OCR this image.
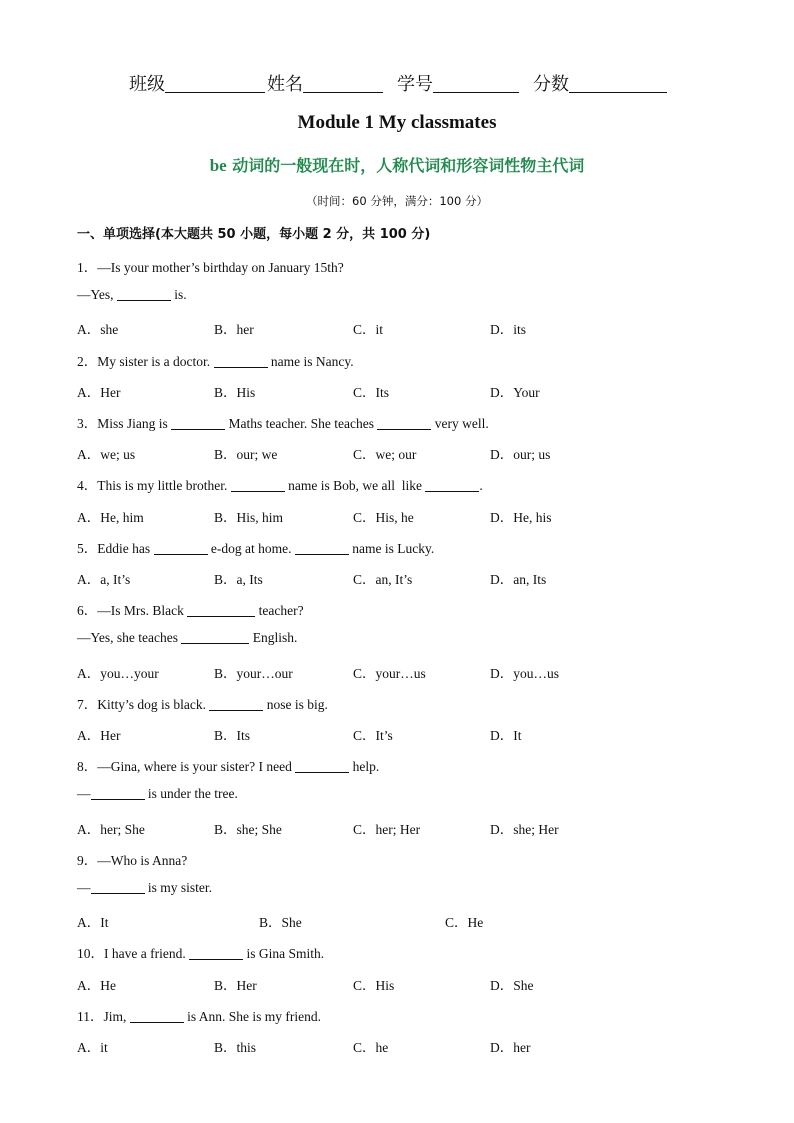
班级	姓名	学号	分数
Module 1 My classmates
be 动词的一般现在时，人称代词和形容词性物主代词
（时间：60 分钟，满分：100 分）
一、单项选择(本大题共 50 小题，每小题 2 分，共 100 分)
1．—Is your mother’s birthday on January 15th?
—Yes,	is.
A．she	B．her	C．it	D．its
2．My sister is a doctor.	name is Nancy.
A．Her	B．His	C．Its	D．Your
3．Miss Jiang is	Maths teacher. She teaches	very well.
A．we; us	B．our; we	C．we; our	D．our; us
4．This is my little brother.	name is Bob, we all  like	.
A．He, him	B．His, him	C．His, he	D．He, his
5．Eddie has	e-dog at home.	name is Lucky.
A．a, It’s	B．a, Its	C．an, It’s	D．an, Its
6．—Is Mrs. Black	teacher?
—Yes, she teaches	English.
A．you…your	B．your…our	C．your…us	D．you…us
7．Kitty’s dog is black.	nose is big.
A．Her	B．Its	C．It’s	D．It
8．—Gina, where is your sister? I need	help.
—	is under the tree.
A．her; She	B．she; She	C．her; Her	D．she; Her
9．—Who is Anna?
—	is my sister.
A．It	B．She	C．He
10．I have a friend.	is Gina Smith.
A．He	B．Her	C．His	D．She
11．Jim,	is Ann. She is my friend.
A．it	B．this	C．he	D．her
